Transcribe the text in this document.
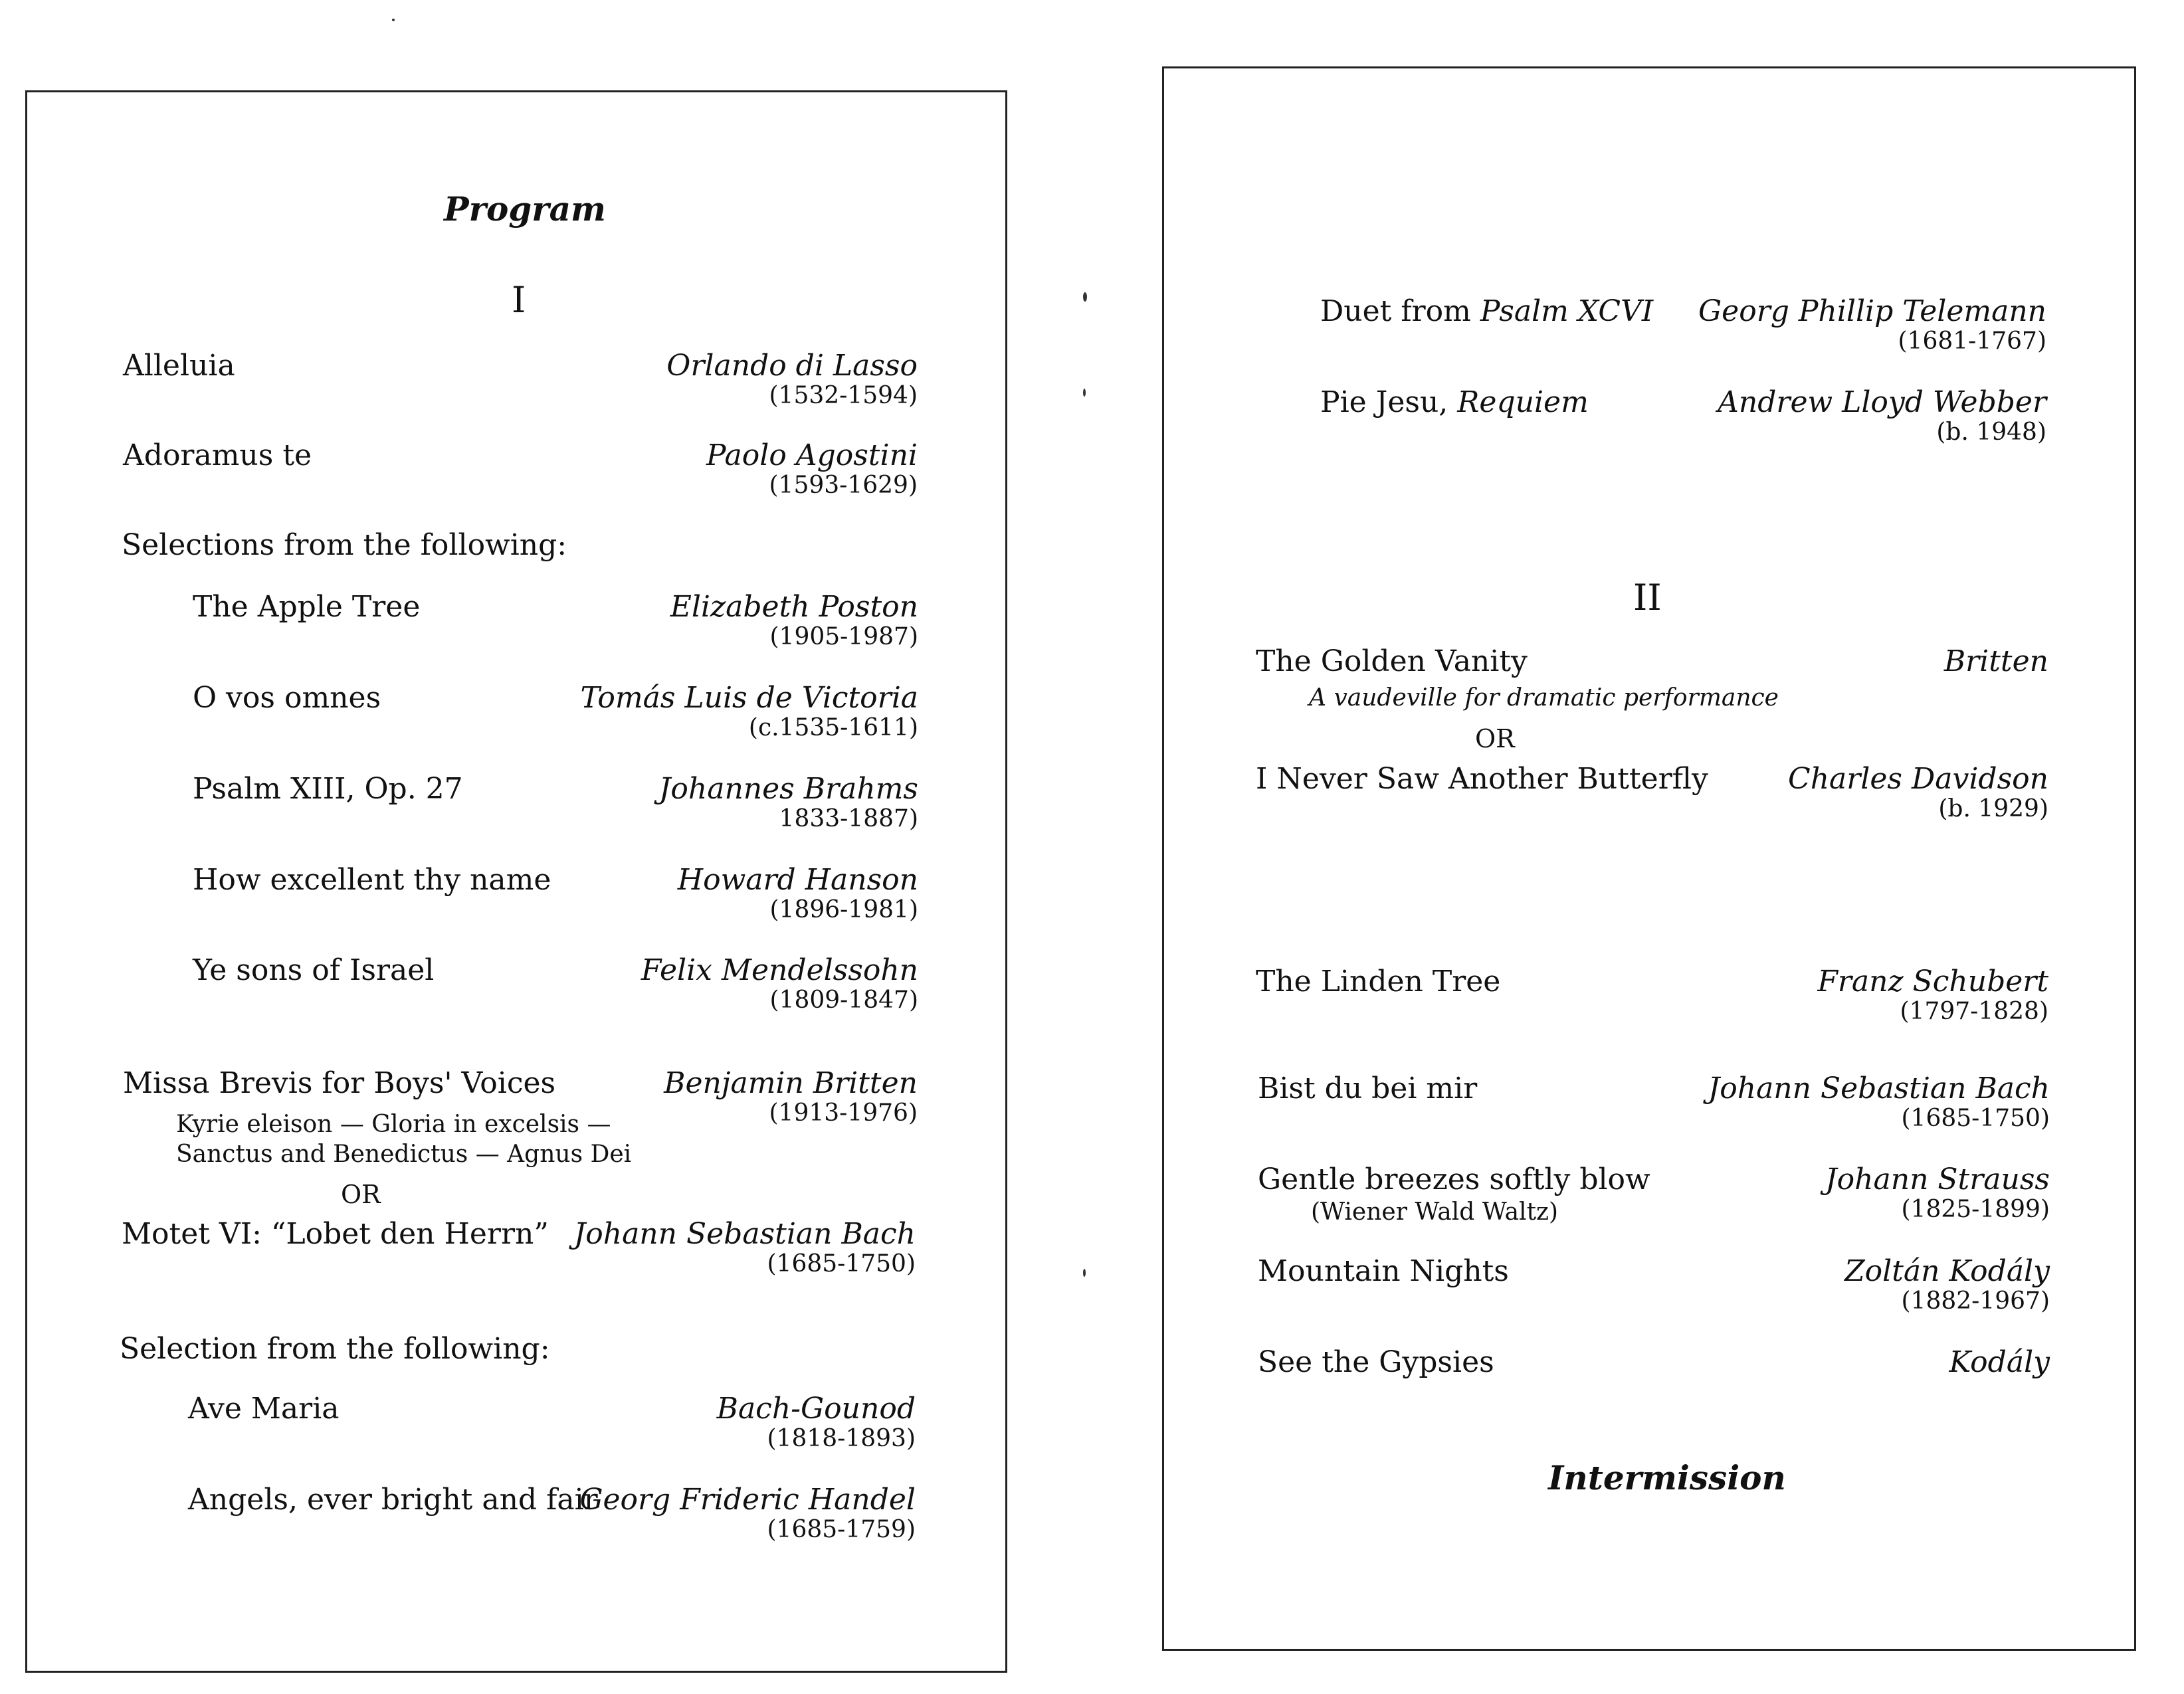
Program
I
Alleluia	Orlando di Lasso
(1532-1594)
Adoramus te	Paolo Agostini
(1593-1629)
Selections from the following:
The Apple Tree	Elizabeth Poston
(1905-1987)
O vos omnes	Tomás Luis de Victoria
(c.1535-1611)
Psalm XIII, Op. 27	Johannes Brahms
1833-1887)
How excellent thy name	Howard Hanson
(1896-1981)
Ye sons of Israel	Felix Mendelssohn
(1809-1847)
Missa Brevis for Boys' Voices	Benjamin Britten
(1913-1976)
Kyrie eleison — Gloria in excelsis —
Sanctus and Benedictus — Agnus Dei
OR
Motet VI: “Lobet den Herrn” Johann Sebastian Bach
(1685-1750)
Selection from the following:
Ave Maria	Bach-Gounod
(1818-1893)
Angels, ever bright and fair
Georg Frideric Handel
(1685-1759)
Duet from Psalm XCVI Georg Phillip Telemann
(1681-1767)
Pie Jesu, Requiem	Andrew Lloyd Webber
(b. 1948)
II
The Golden Vanity	Britten
A vaudeville for dramatic performance
OR
I Never Saw Another Butterfly	Charles Davidson
(b. 1929)
The Linden Tree	Franz Schubert
(1797-1828)
Bist du bei mir	Johann Sebastian Bach
(1685-1750)
Gentle breezes softly blow	Johann Strauss
(1825-1899)
(Wiener Wald Waltz)
Mountain Nights	Zoltán Kodály
(1882-1967)
See the Gypsies	Kodály
Intermission
